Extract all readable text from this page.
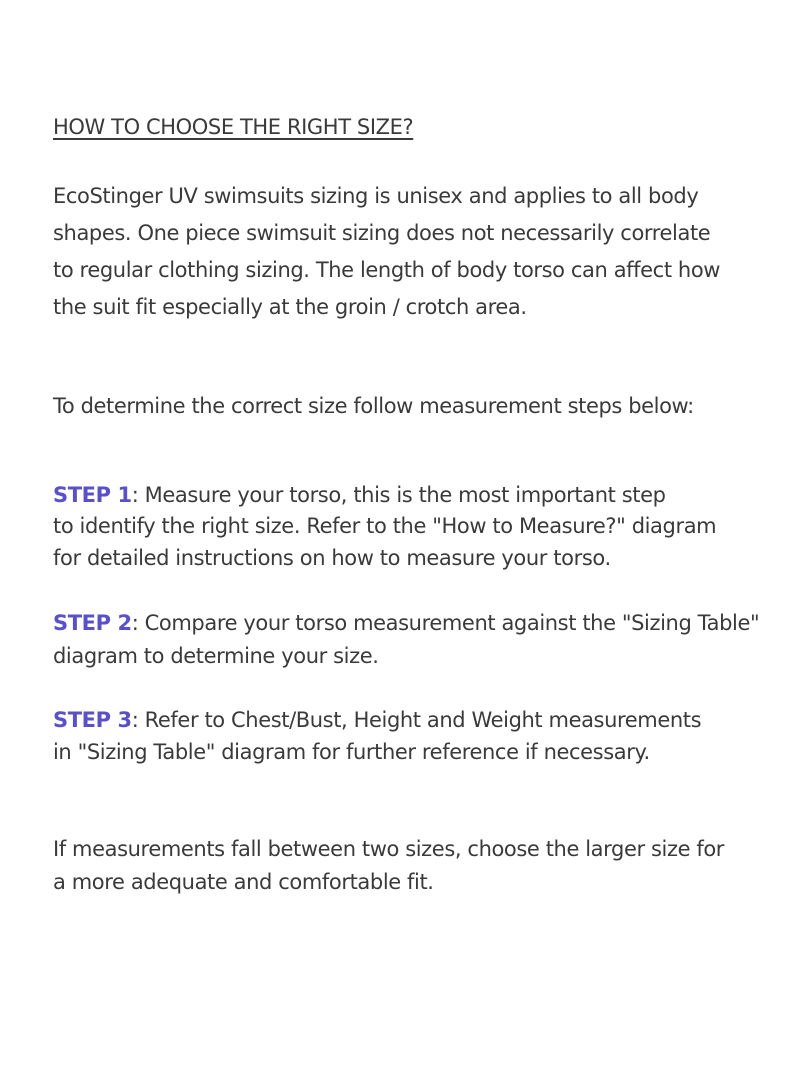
HOW TO CHOOSE THE RIGHT SIZE?
EcoStinger UV swimsuits sizing is unisex and applies to all body
shapes. One piece swimsuit sizing does not necessarily correlate
to regular clothing sizing. The length of body torso can affect how
the suit fit especially at the groin / crotch area.
To determine the correct size follow measurement steps below:
STEP 1: Measure your torso, this is the most important step
to identify the right size. Refer to the "How to Measure?" diagram
for detailed instructions on how to measure your torso.
STEP 2: Compare your torso measurement against the "Sizing Table"
diagram to determine your size.
STEP 3: Refer to Chest/Bust, Height and Weight measurements
in "Sizing Table" diagram for further reference if necessary.
If measurements fall between two sizes, choose the larger size for
a more adequate and comfortable fit.
